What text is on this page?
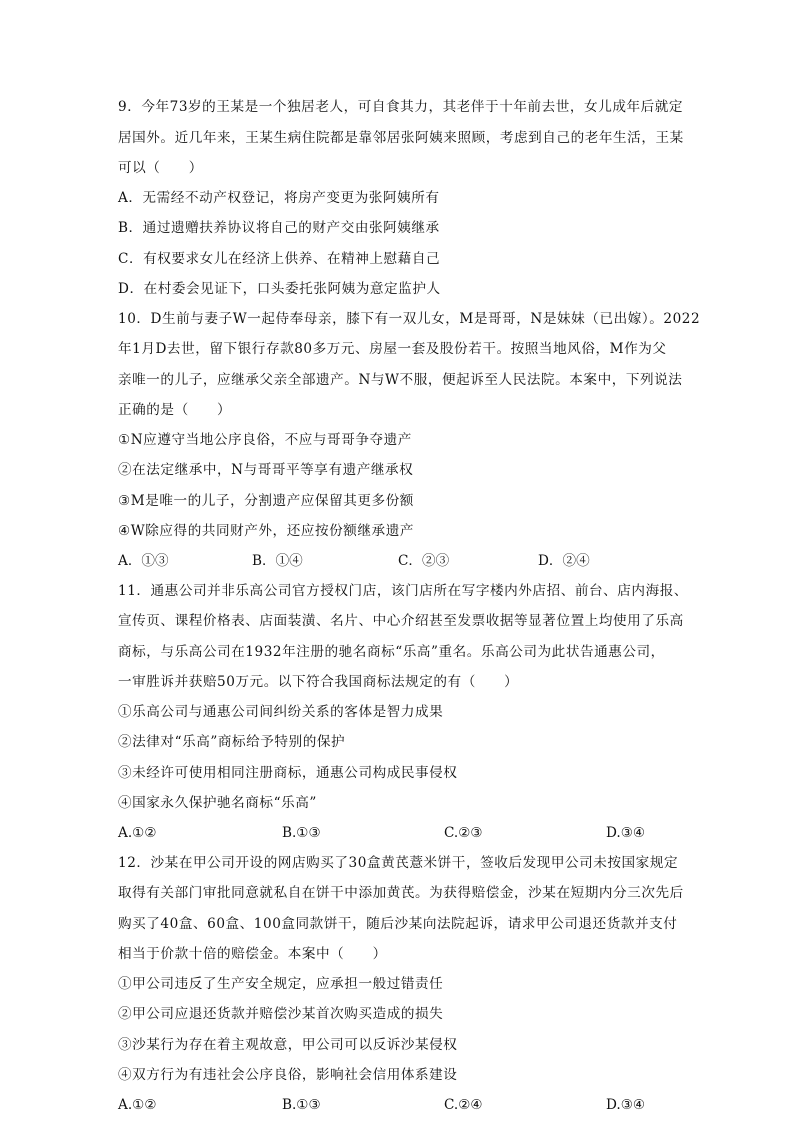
9．今年73岁的王某是一个独居老人，可自食其力，其老伴于十年前去世，女儿成年后就定
居国外。近几年来，王某生病住院都是靠邻居张阿姨来照顾，考虑到自己的老年生活，王某
可以（　　）
A．无需经不动产权登记，将房产变更为张阿姨所有
B．通过遗赠扶养协议将自己的财产交由张阿姨继承
C．有权要求女儿在经济上供养、在精神上慰藉自己
D．在村委会见证下，口头委托张阿姨为意定监护人
10．D生前与妻子W一起侍奉母亲，膝下有一双儿女，M是哥哥，N是妹妹（已出嫁）。2022
年1月D去世，留下银行存款80多万元、房屋一套及股份若干。按照当地风俗，M作为父
亲唯一的儿子，应继承父亲全部遗产。N与W不服，便起诉至人民法院。本案中，下列说法
正确的是（　　）
①N应遵守当地公序良俗，不应与哥哥争夺遗产
②在法定继承中，N与哥哥平等享有遗产继承权
③M是唯一的儿子，分割遗产应保留其更多份额
④W除应得的共同财产外，还应按份额继承遗产
A．①③	B．①④	C．②③	D．②④
11．通惠公司并非乐高公司官方授权门店，该门店所在写字楼内外店招、前台、店内海报、
宣传页、课程价格表、店面装潢、名片、中心介绍甚至发票收据等显著位置上均使用了乐高
商标，与乐高公司在1932年注册的驰名商标“乐高”重名。乐高公司为此状告通惠公司，
一审胜诉并获赔50万元。以下符合我国商标法规定的有（　　）
①乐高公司与通惠公司间纠纷关系的客体是智力成果
②法律对“乐高”商标给予特别的保护
③未经许可使用相同注册商标，通惠公司构成民事侵权
④国家永久保护驰名商标“乐高”
A.①②	B.①③	C.②③	D.③④
12．沙某在甲公司开设的网店购买了30盒黄芪薏米饼干，签收后发现甲公司未按国家规定
取得有关部门审批同意就私自在饼干中添加黄芪。为获得赔偿金，沙某在短期内分三次先后
购买了40盒、60盒、100盒同款饼干，随后沙某向法院起诉，请求甲公司退还货款并支付
相当于价款十倍的赔偿金。本案中（　　）
①甲公司违反了生产安全规定，应承担一般过错责任
②甲公司应退还货款并赔偿沙某首次购买造成的损失
③沙某行为存在着主观故意，甲公司可以反诉沙某侵权
④双方行为有违社会公序良俗，影响社会信用体系建设
A.①②	B.①③	C.②④	D.③④
